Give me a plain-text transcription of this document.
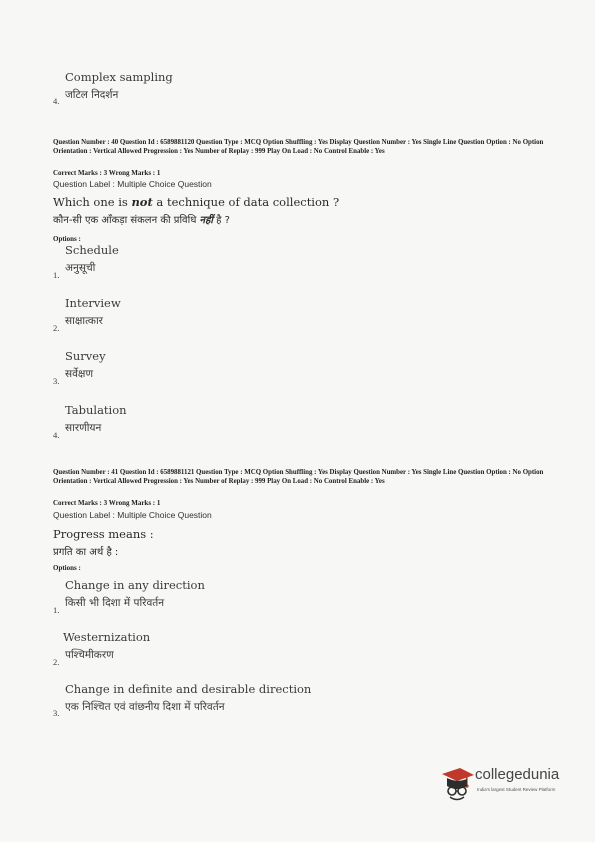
Complex sampling
जटिल निदर्शन
4.
Question Number : 40 Question Id : 6589881120 Question Type : MCQ Option Shuffling : Yes Display Question Number : Yes Single Line Question Option : No Option Orientation : Vertical Allowed Progression : Yes Number of Replay : 999 Play On Load : No Control Enable : Yes
Correct Marks : 3 Wrong Marks : 1
Question Label : Multiple Choice Question
Which one is not a technique of data collection ?
कौन-सी एक आँकड़ा संकलन की प्रविधि नहीं है ?
Options :
Schedule
अनुसूची
1.
Interview
साक्षात्कार
2.
Survey
सर्वेक्षण
3.
Tabulation
सारणीयन
4.
Question Number : 41 Question Id : 6589881121 Question Type : MCQ Option Shuffling : Yes Display Question Number : Yes Single Line Question Option : No Option Orientation : Vertical Allowed Progression : Yes Number of Replay : 999 Play On Load : No Control Enable : Yes
Correct Marks : 3 Wrong Marks : 1
Question Label : Multiple Choice Question
Progress means :
प्रगति का अर्थ है :
Options :
Change in any direction
किसी भी दिशा में परिवर्तन
1.
Westernization
पश्चिमीकरण
2.
Change in definite and desirable direction
एक निश्चित एवं वांछनीय दिशा में परिवर्तन
3.
collegedunia
India's largest Student Review Platform
